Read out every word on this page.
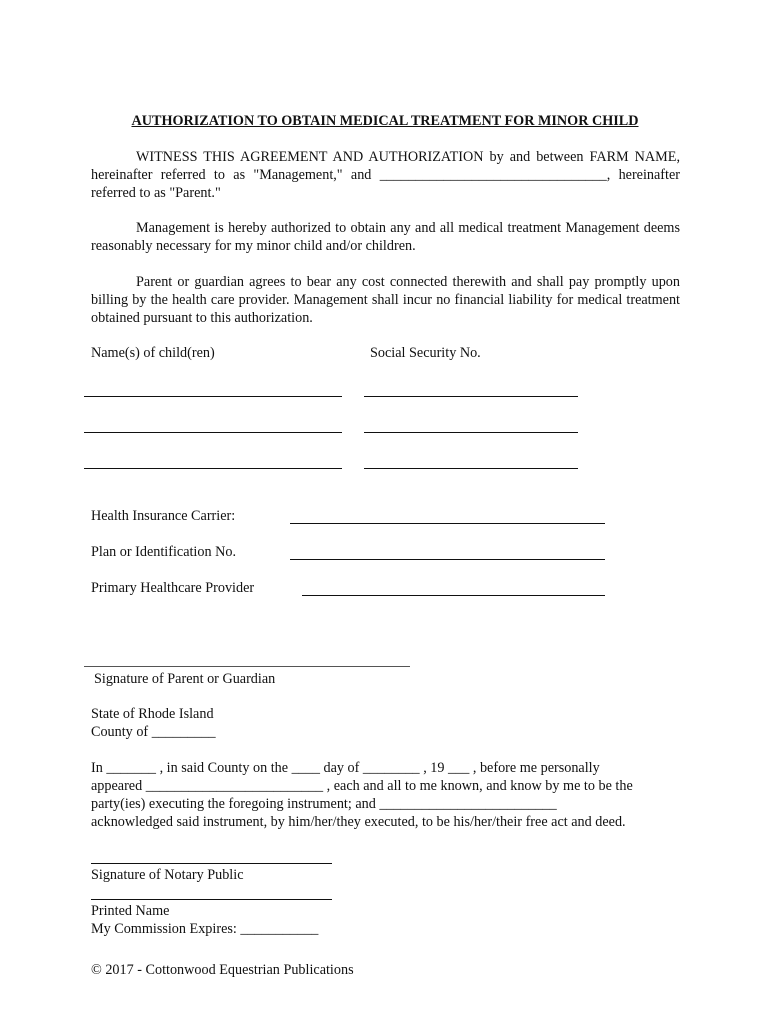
AUTHORIZATION TO OBTAIN MEDICAL TREATMENT FOR MINOR CHILD
WITNESS THIS AGREEMENT AND AUTHORIZATION by and between FARM NAME, hereinafter referred to as "Management," and ________________________________, hereinafter referred to as "Parent."
Management is hereby authorized to obtain any and all medical treatment Management deems reasonably necessary for my minor child and/or children.
Parent or guardian agrees to bear any cost connected therewith and shall pay promptly upon billing by the health care provider. Management shall incur no financial liability for medical treatment obtained pursuant to this authorization.
Name(s) of child(ren)	Social Security No.
Health Insurance Carrier:
Plan or Identification No.
Primary Healthcare Provider
Signature of Parent or Guardian
State of Rhode Island
County of _________
In _______ , in said County on the ____ day of ________ , 19 ___ , before me personally
appeared _________________________ , each and all to me known, and know by me to be the
party(ies) executing the foregoing instrument; and _________________________
acknowledged said instrument, by him/her/they executed, to be his/her/their free act and deed.
Signature of Notary Public
Printed Name
My Commission Expires: ___________
© 2017 - Cottonwood Equestrian Publications
